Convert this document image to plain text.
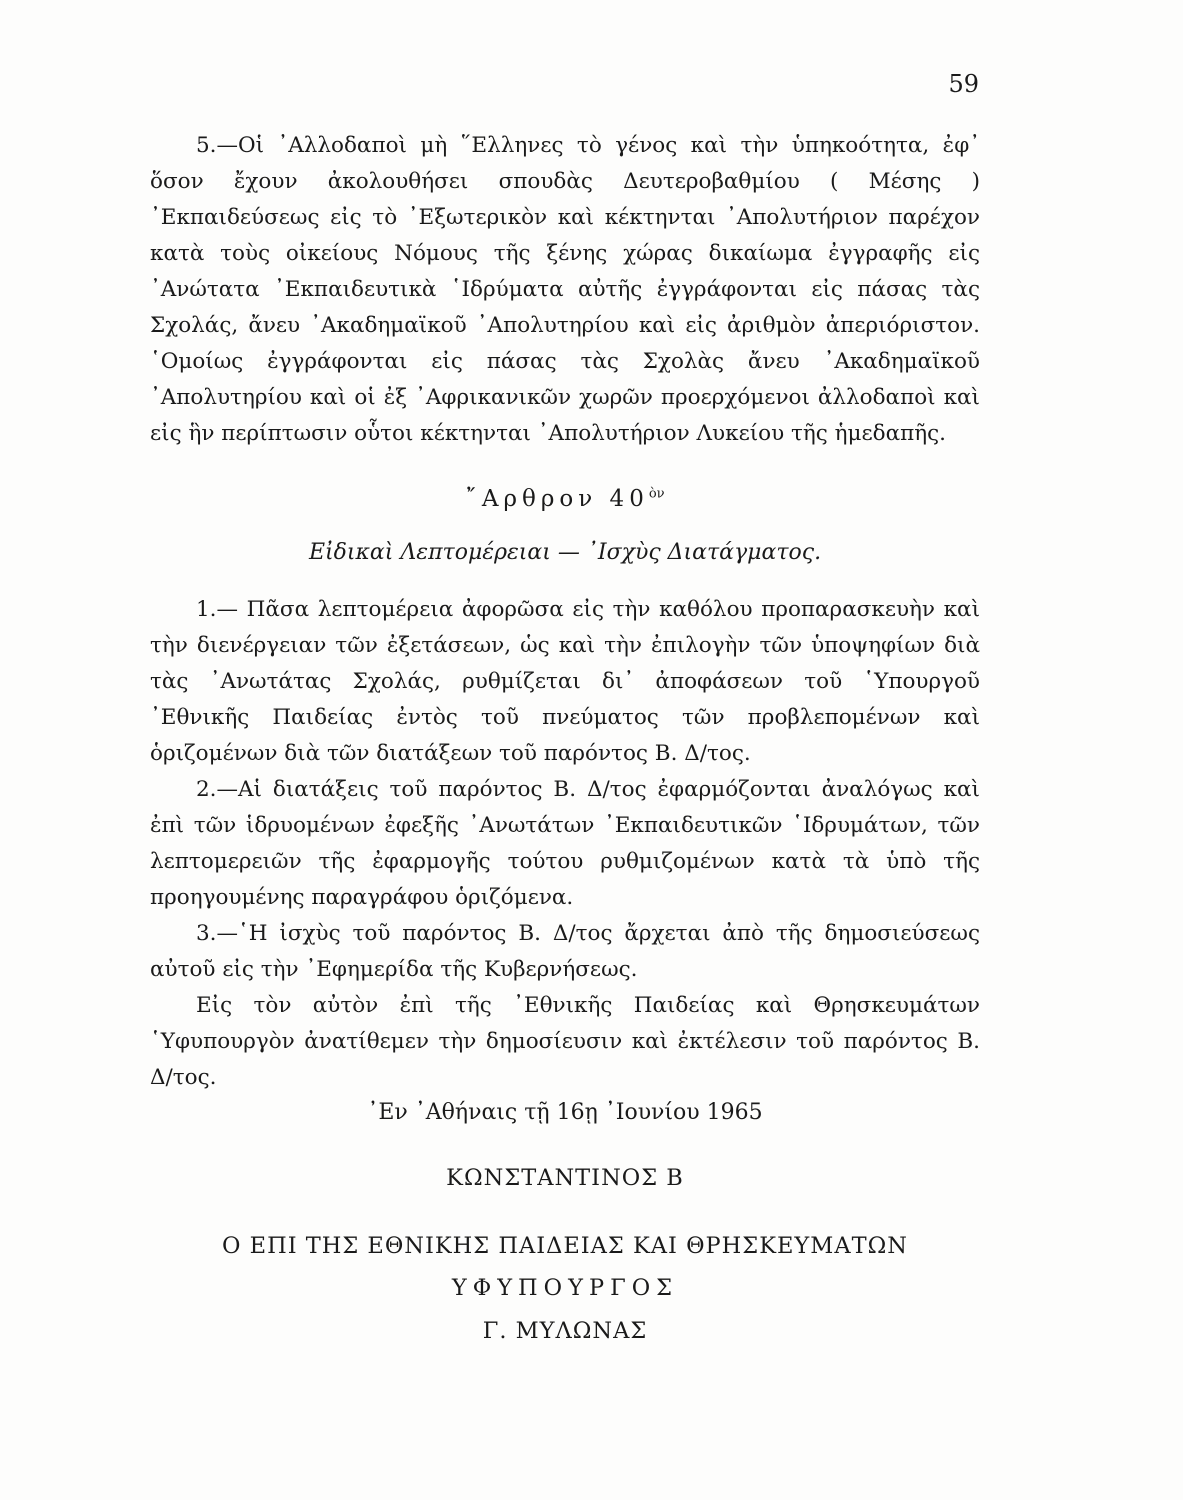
59

5.—Οἱ ᾿Αλλοδαποὶ μὴ ῞Ελληνες τὸ γένος καὶ τὴν ὑπηκοότητα, ἐφ᾿ ὅσον ἔχουν ἀκολουθήσει σπουδὰς Δευτεροβαθμίου ( Μέσης ) ᾿Εκπαιδεύσεως εἰς τὸ ᾿Εξωτερικὸν καὶ κέκτηνται ᾿Απολυτήριον παρέχον κατὰ τοὺς οἰκείους Νόμους τῆς ξένης χώρας δικαίωμα ἐγγραφῆς εἰς ᾿Ανώτατα ᾿Εκπαιδευτικὰ ῾Ιδρύματα αὐτῆς ἐγγράφονται εἰς πάσας τὰς Σχολάς, ἄνευ ᾿Ακαδημαϊκοῦ ᾿Απολυτηρίου καὶ εἰς ἀριθμὸν ἀπεριόριστον. ῾Ομοίως ἐγγράφονται εἰς πάσας τὰς Σχολὰς ἄνευ ᾿Ακαδημαϊκοῦ ᾿Απολυτηρίου καὶ οἱ ἐξ ᾿Αφρικανικῶν χωρῶν προερχόμενοι ἀλλοδαποὶ καὶ εἰς ἣν περίπτωσιν οὗτοι κέκτηνται ᾿Απολυτήριον Λυκείου τῆς ἡμεδαπῆς.

῎Αρθρον $40^{ὸ\nu}$
Εἰδικαὶ Λεπτομέρειαι — ᾿Ισχὺς Διατάγματος.

1.— Πᾶσα λεπτομέρεια ἀφορῶσα εἰς τὴν καθόλου προπαρασκευὴν καὶ τὴν διενέργειαν τῶν ἐξετάσεων, ὡς καὶ τὴν ἐπιλογὴν τῶν ὑποψηφίων διὰ τὰς ᾿Ανωτάτας Σχολάς, ρυθμίζεται δι᾿ ἀποφάσεων τοῦ ῾Υπουργοῦ ᾿Εθνικῆς Παιδείας ἐντὸς τοῦ πνεύματος τῶν προβλεπομένων καὶ ὁριζομένων διὰ τῶν διατάξεων τοῦ παρόντος Β. Δ/τος.

2.—Αἱ διατάξεις τοῦ παρόντος Β. Δ/τος ἐφαρμόζονται ἀναλόγως καὶ ἐπὶ τῶν ἱδρυομένων ἐφεξῆς ᾿Ανωτάτων ᾿Εκπαιδευτικῶν ῾Ιδρυμάτων, τῶν λεπτομερειῶν τῆς ἐφαρμογῆς τούτου ρυθμιζομένων κατὰ τὰ ὑπὸ τῆς προηγουμένης παραγράφου ὁριζόμενα.

3.—῾Η ἰσχὺς τοῦ παρόντος Β. Δ/τος ἄρχεται ἀπὸ τῆς δημοσιεύσεως αὐτοῦ εἰς τὴν ᾿Εφημερίδα τῆς Κυβερνήσεως.

Εἰς τὸν αὐτὸν ἐπὶ τῆς ᾿Εθνικῆς Παιδείας καὶ Θρησκευμάτων ῾Υφυπουργὸν ἀνατίθεμεν τὴν δημοσίευσιν καὶ ἐκτέλεσιν τοῦ παρόντος Β. Δ/τος.

᾿Εν ᾿Αθήναις τῇ 16ῃ ᾿Ιουνίου 1965
ΚΩΝΣΤΑΝΤΙΝΟΣ Β
Ο ΕΠΙ ΤΗΣ ΕΘΝΙΚΗΣ ΠΑΙΔΕΙΑΣ ΚΑΙ ΘΡΗΣΚΕΥΜΑΤΩΝ
ΥΦΥΠΟΥΡΓΟΣ
Γ. ΜΥΛΩΝΑΣ
